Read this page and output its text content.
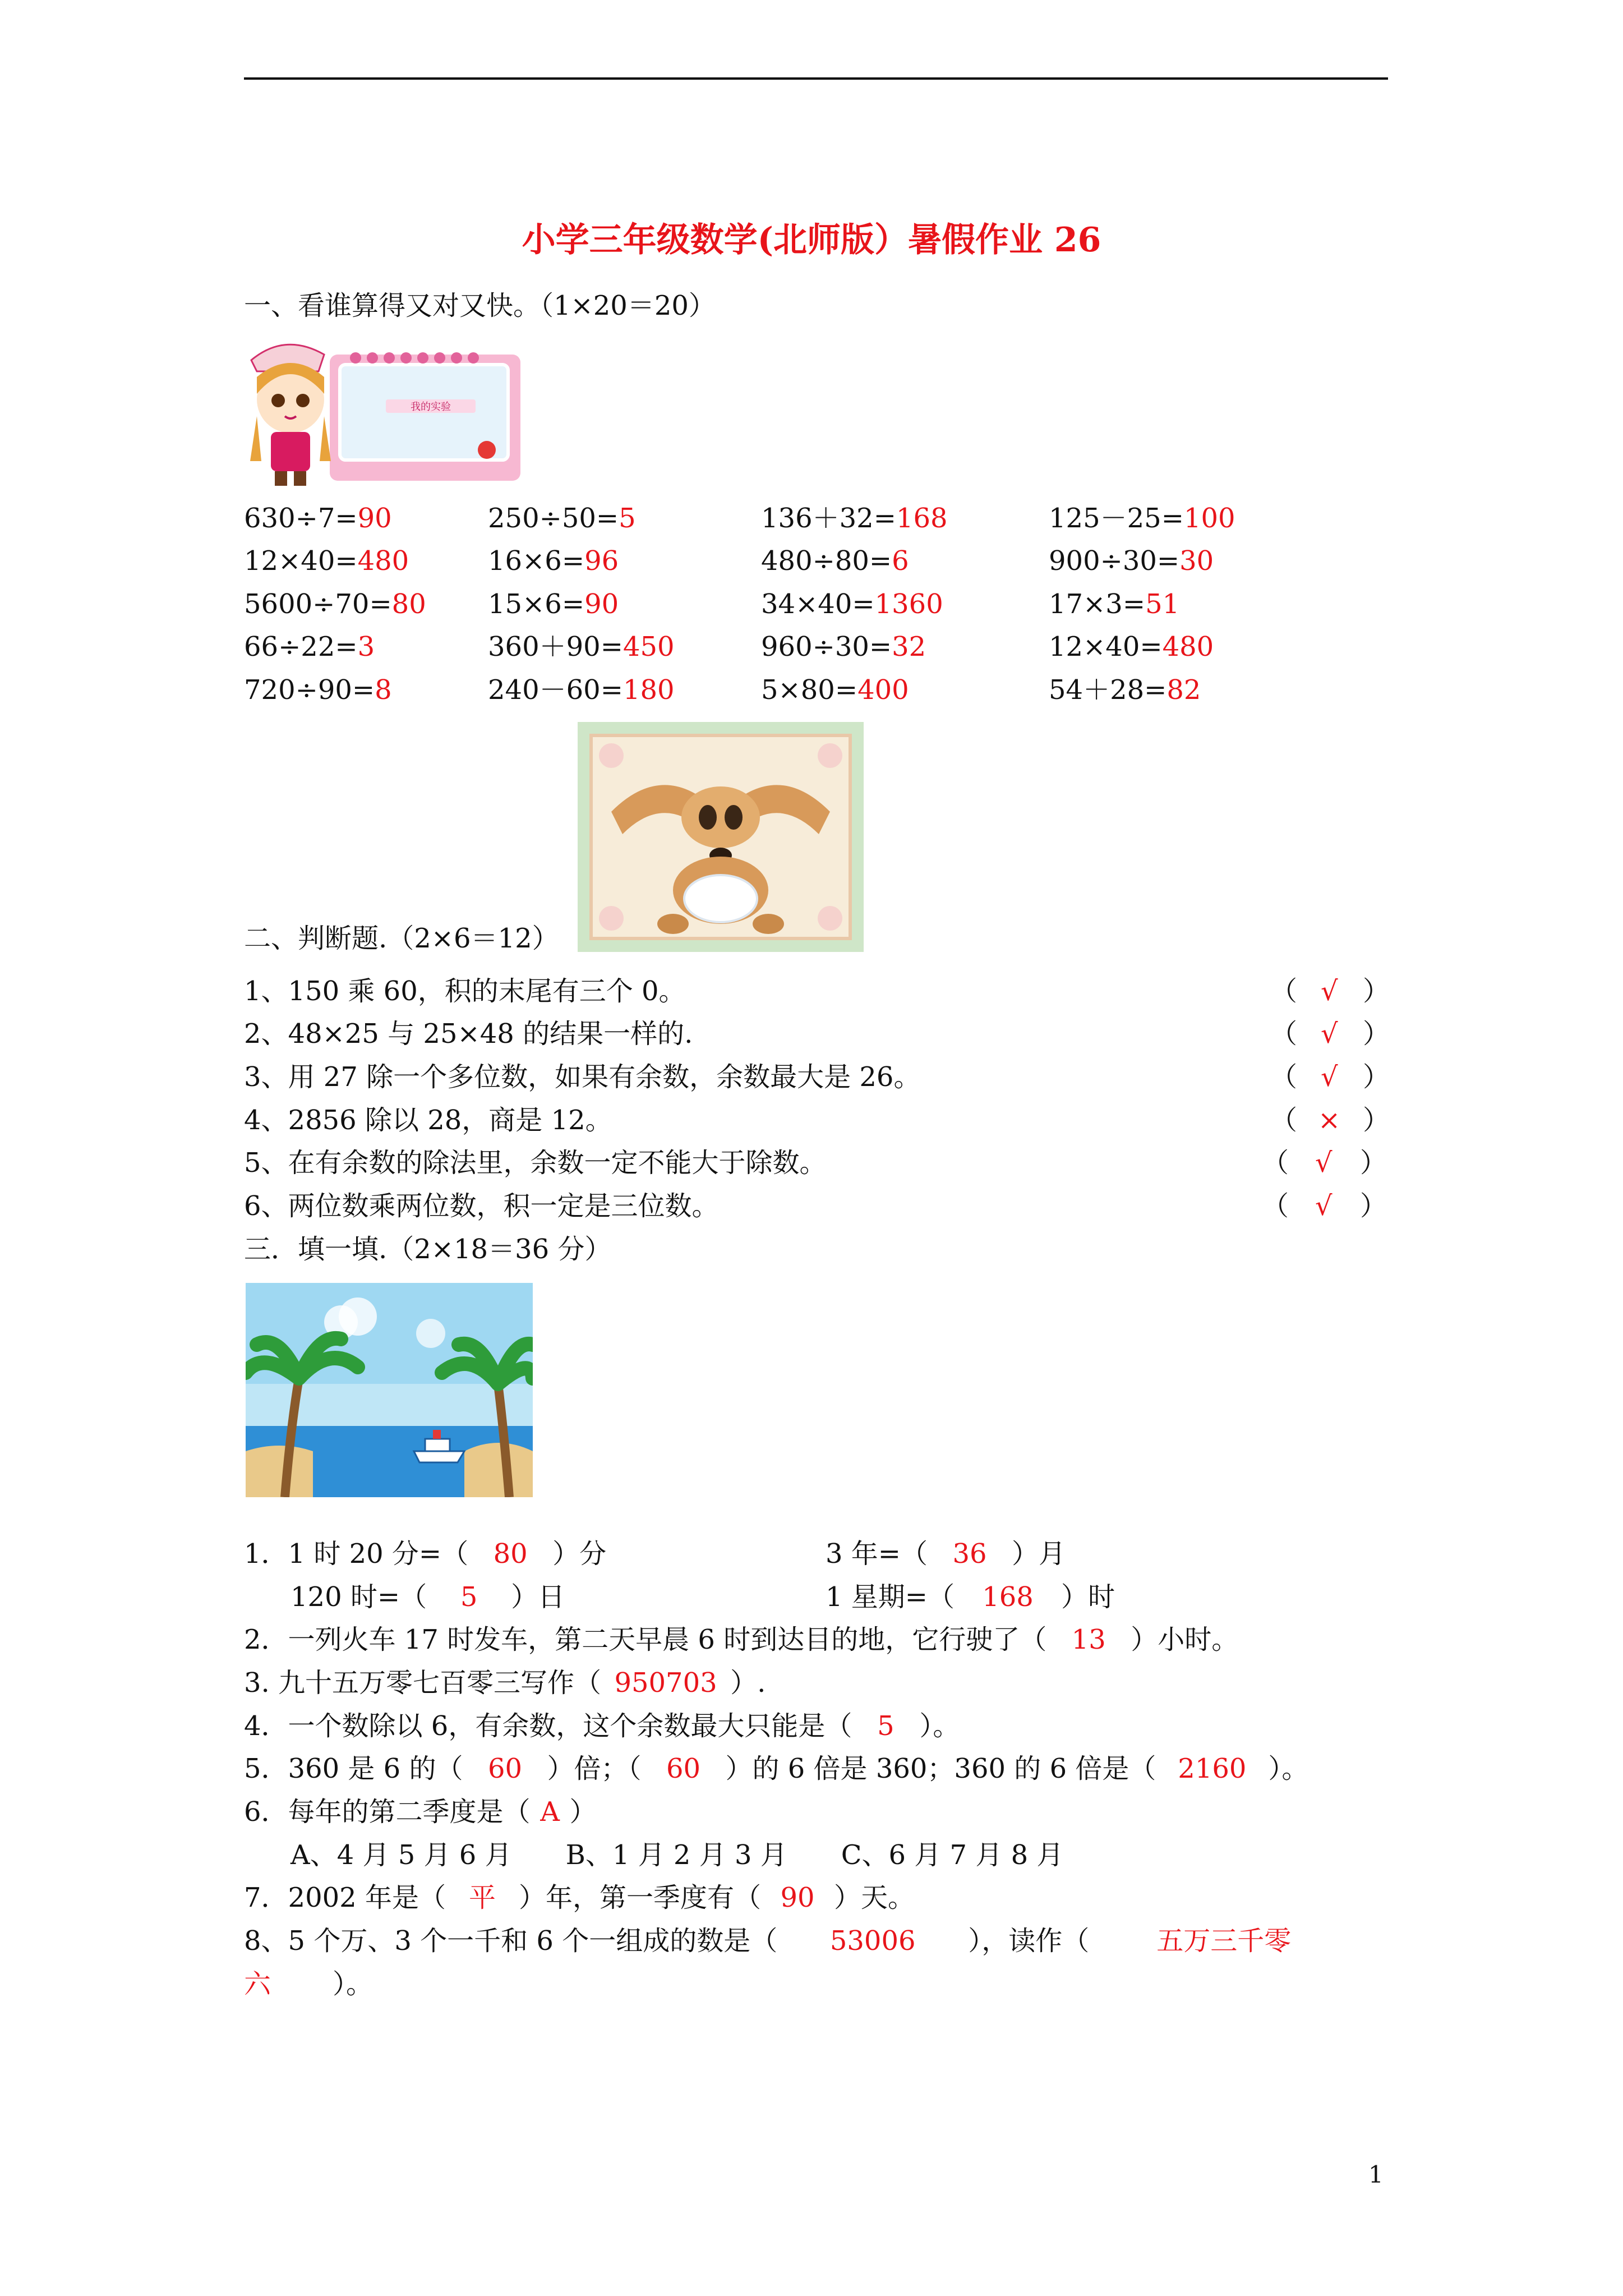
小学三年级数学(北师版）暑假作业 26
一、看谁算得又对又快。（1×20＝20）
我的实验
630÷7=90	250÷50=5	136＋32=168	125－25=100
12×40=480	16×6=96	480÷80=6	900÷30=30
5600÷70=80 15×6=90	34×40=1360	17×3=51
66÷22=3	360＋90=450	960÷30=32	12×40=480
720÷90=8	240－60=180	5×80=400	54＋28=82
二、判断题.（2×6＝12）
1、150 乘 60，积的末尾有三个 0。	（ √ ）
2、48×25 与 25×48 的结果一样的.	（ √ ）
3、用 27 除一个多位数，如果有余数，余数最大是 26。	（ √ ）
4、2856 除以 28，商是 12。	（ × ）
5、在有余数的除法里，余数一定不能大于除数。	（ √ ）
6、两位数乘两位数，积一定是三位数。	（ √ ）
三．填一填.（2×18＝36 分）
1．1 时 20 分=（ 80 ）分	3 年=（ 36 ）月
120 时=（ 5 ）日	1 星期=（ 168 ）时
2．一列火车 17 时发车，第二天早晨 6 时到达目的地，它行驶了（ 13 ）小时。
3. 九十五万零七百零三写作（ 950703 ）.
4．一个数除以 6，有余数，这个余数最大只能是（ 5 ）。
5．360 是 6 的（ 60 ）倍；（ 60 ）的 6 倍是 360；360 的 6 倍是（ 2160 ）。
6．每年的第二季度是（ A ）
A、4 月 5 月 6 月　　B、1 月 2 月 3 月　　C、6 月 7 月 8 月
7．2002 年是（ 平 ）年，第一季度有（ 90 ）天。
8、5 个万、3 个一千和 6 个一组成的数是（ 53006 ），读作（	五万三千零
六 ）。
1
